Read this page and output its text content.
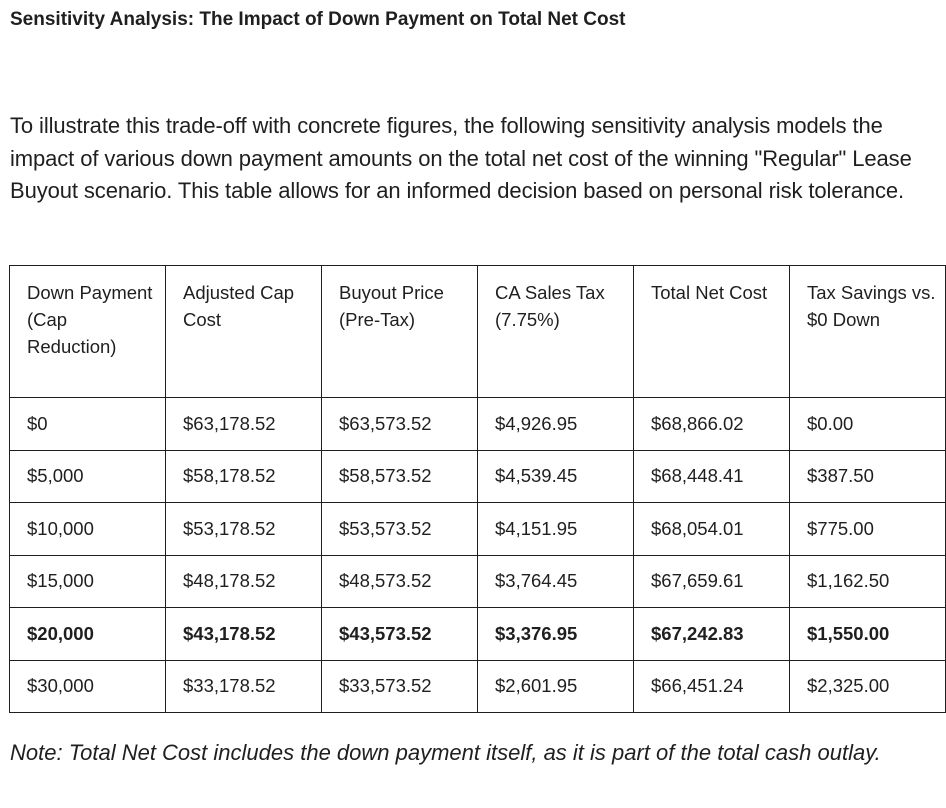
Sensitivity Analysis: The Impact of Down Payment on Total Net Cost

To illustrate this trade-off with concrete figures, the following sensitivity analysis models the impact of various down payment amounts on the total net cost of the winning "Regular" Lease Buyout scenario. This table allows for an informed decision based on personal risk tolerance.

Down Payment (Cap Reduction)	Adjusted Cap Cost	Buyout Price (Pre-Tax)	CA Sales Tax (7.75%)	Total Net Cost	Tax Savings vs. $0 Down
$0	$63,178.52	$63,573.52	$4,926.95	$68,866.02	$0.00
$5,000	$58,178.52	$58,573.52	$4,539.45	$68,448.41	$387.50
$10,000	$53,178.52	$53,573.52	$4,151.95	$68,054.01	$775.00
$15,000	$48,178.52	$48,573.52	$3,764.45	$67,659.61	$1,162.50
$20,000	$43,178.52	$43,573.52	$3,376.95	$67,242.83	$1,550.00
$30,000	$33,178.52	$33,573.52	$2,601.95	$66,451.24	$2,325.00

Note: Total Net Cost includes the down payment itself, as it is part of the total cash outlay.
